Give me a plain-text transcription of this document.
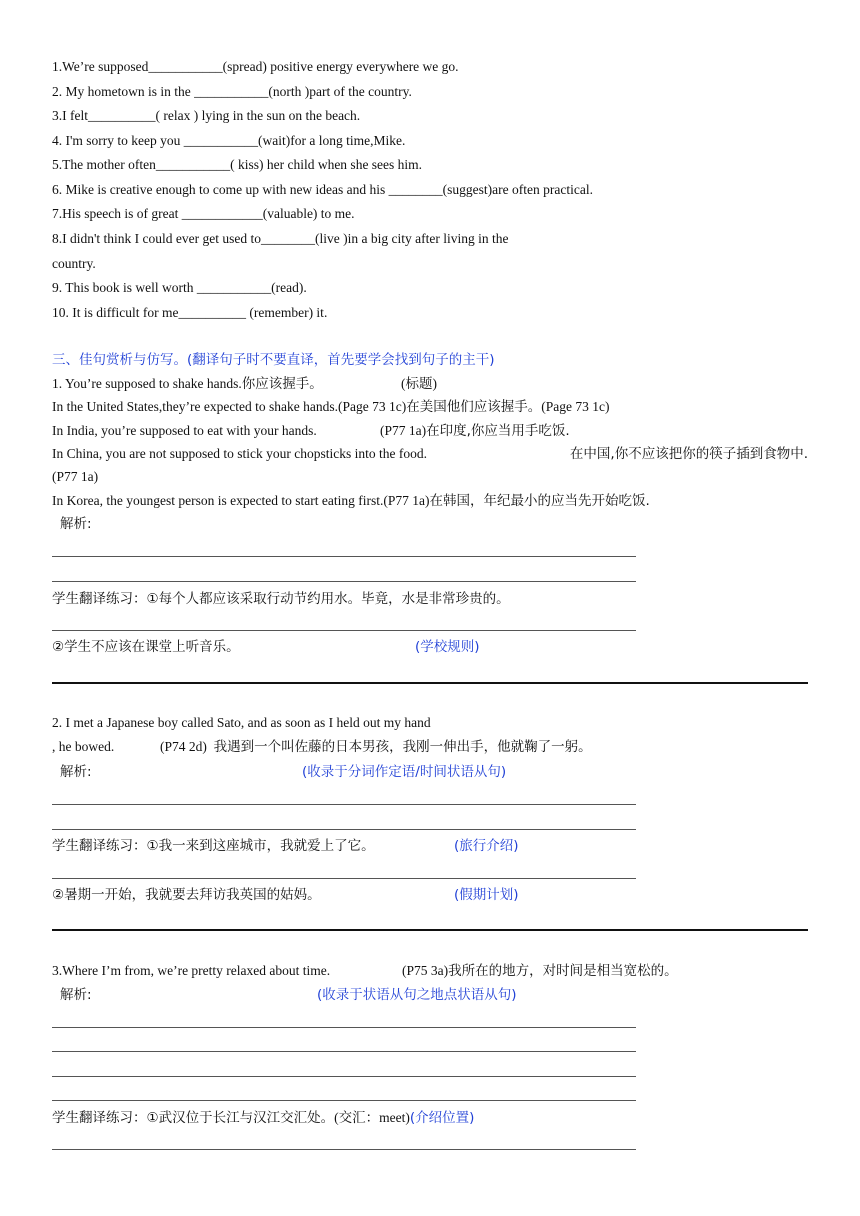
1.We’re supposed___________(spread) positive energy everywhere we go.
2. My hometown is in the ___________(north )part of the country.
3.I felt__________( relax ) lying in the sun on the beach.
4. I'm sorry to keep you ___________(wait)for a long time,Mike.
5.The mother often___________( kiss) her child when she sees him.
6. Mike is creative enough to come up with new ideas and his ________(suggest)are often practical.
7.His speech is of great ____________(valuable) to me.
8.I didn't think I could ever get used to________(live )in a big city after living in the
country.
9. This book is well worth ___________(read).
10. It is difficult for me__________ (remember) it.
三、佳句赏析与仿写。(翻译句子时不要直译，首先要学会找到句子的主干)
1. You’re supposed to shake hands.你应该握手。	(标题)
In the United States,they’re expected to shake hands.(Page 73 1c)在美国他们应该握手。(Page 73 1c)
In India, you’re supposed to eat with your hands.	(P77 1a)在印度,你应当用手吃饭.
In China, you are not supposed to stick your chopsticks into the food.	在中国,你不应该把你的筷子插到食物中.
(P77 1a)
In Korea, the youngest person is expected to start eating first.(P77 1a)在韩国，年纪最小的应当先开始吃饭.
解析:
学生翻译练习：①每个人都应该采取行动节约用水。毕竟，水是非常珍贵的。
②学生不应该在课堂上听音乐。	(学校规则)
2. I met a Japanese boy called Sato, and as soon as I held out my hand
, he bowed.	(P74 2d) 我遇到一个叫佐藤的日本男孩，我刚一伸出手，他就鞠了一躬。
解析:	(收录于分词作定语/时间状语从句)
学生翻译练习：①我一来到这座城市，我就爱上了它。	(旅行介绍)
②暑期一开始，我就要去拜访我英国的姑妈。	(假期计划)
3.Where I’m from, we’re pretty relaxed about time.	(P75 3a)我所在的地方，对时间是相当宽松的。
解析:	(收录于状语从句之地点状语从句)
学生翻译练习：①武汉位于长江与汉江交汇处。(交汇：meet)(介绍位置)
